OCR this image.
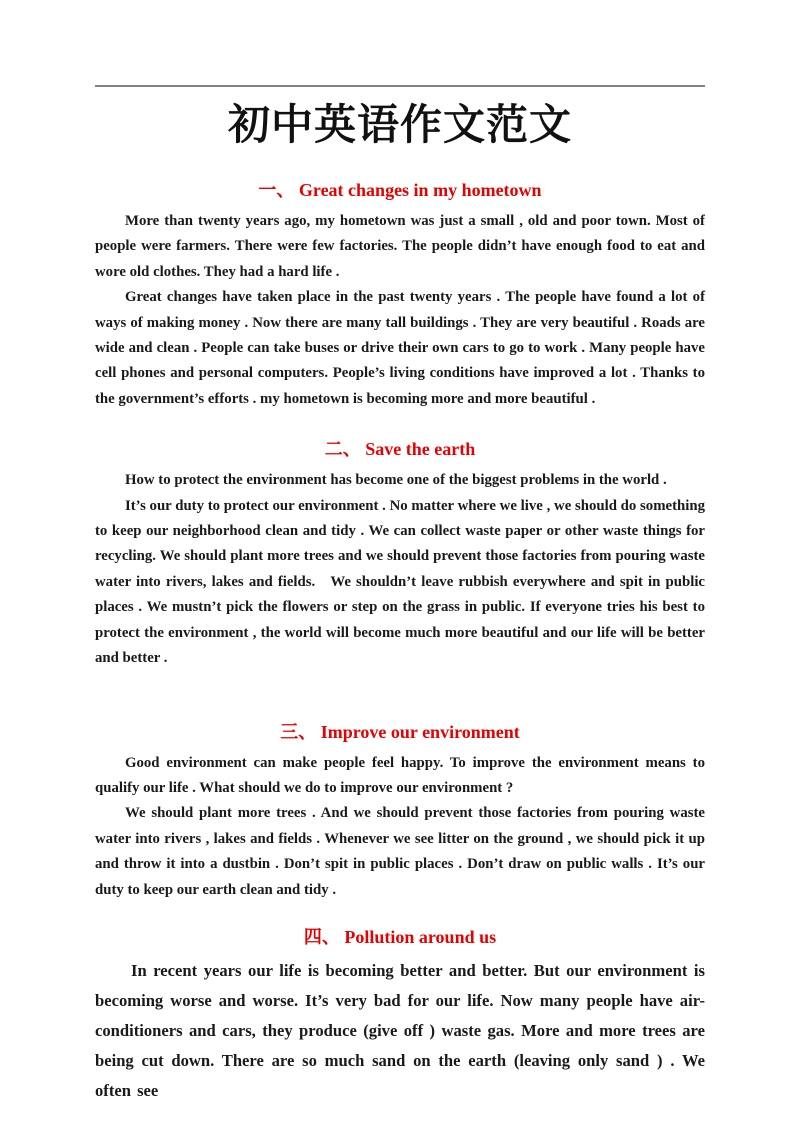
初中英语作文范文
一、 Great changes in my hometown

More than twenty years ago, my hometown was just a small , old and poor town. Most of people were farmers. There were few factories. The people didn’t have enough food to eat and wore old clothes. They had a hard life .

Great changes have taken place in the past twenty years . The people have found a lot of ways of making money . Now there are many tall buildings . They are very beautiful . Roads are wide and clean . People can take buses or drive their own cars to go to work . Many people have cell phones and personal computers. People’s living conditions have improved a lot . Thanks to the government’s efforts . my hometown is becoming more and more beautiful .

二、 Save the earth

How to protect the environment has become one of the biggest problems in the world .

It’s our duty to protect our environment . No matter where we live , we should do something to keep our neighborhood clean and tidy . We can collect waste paper or other waste things for recycling. We should plant more trees and we should prevent those factories from pouring waste water into rivers, lakes and fields.   We shouldn’t leave rubbish everywhere and spit in public places . We mustn’t pick the flowers or step on the grass in public. If everyone tries his best to protect the environment , the world will become much more beautiful and our life will be better and better .

三、 Improve our environment

Good environment can make people feel happy. To improve the environment means to qualify our life . What should we do to improve our environment ?

We should plant more trees . And we should prevent those factories from pouring waste water into rivers , lakes and fields . Whenever we see litter on the ground , we should pick it up and throw it into a dustbin . Don’t spit in public places . Don’t draw on public walls . It’s our duty to keep our earth clean and tidy .

四、 Pollution around us

In recent years our life is becoming better and better. But our environment is becoming worse and worse. It’s very bad for our life. Now many people have air-conditioners and cars, they produce (give off ) waste gas. More and more trees are being cut down. There are so much sand on the earth (leaving only sand ) . We often see
